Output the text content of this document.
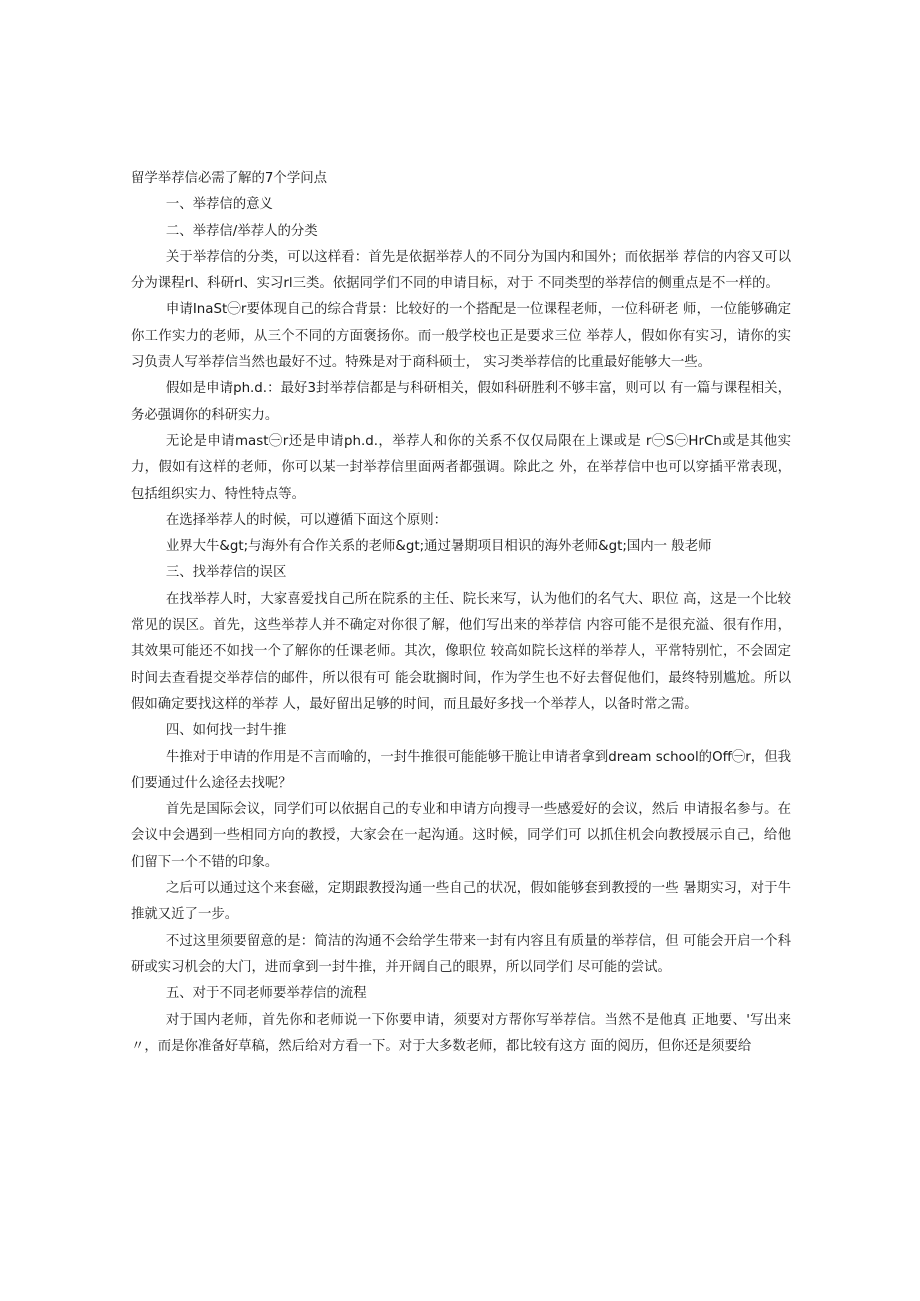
留学举荐信必需了解的7个学问点

一、举荐信的意义

二、举荐信/举荐人的分类

关于举荐信的分类，可以这样看：首先是依据举荐人的不同分为国内和国外；而依据举 荐信的内容又可以分为课程rl、科研rl、实习rl三类。依据同学们不同的申请目标，对于 不同类型的举荐信的侧重点是不一样的。

申请InaSt㊀r要体现自己的综合背景：比较好的一个搭配是一位课程老师，一位科研老 师，一位能够确定你工作实力的老师，从三个不同的方面褒扬你。而一般学校也正是要求三位 举荐人，假如你有实习，请你的实习负责人写举荐信当然也最好不过。特殊是对于商科硕士， 实习类举荐信的比重最好能够大一些。

假如是申请ph.d.：最好3封举荐信都是与科研相关，假如科研胜利不够丰富，则可以 有一篇与课程相关，务必强调你的科研实力。

无论是申请mast㊀r还是申请ph.d.，举荐人和你的关系不仅仅局限在上课或是 r㊀S㊀HrCh或是其他实力，假如有这样的老师，你可以某一封举荐信里面两者都强调。除此之 外，在举荐信中也可以穿插平常表现，包括组织实力、特性特点等。

在选择举荐人的时候，可以遵循下面这个原则：

业界大牛&gt;与海外有合作关系的老师&gt;通过暑期项目相识的海外老师&gt;国内一 般老师

三、找举荐信的误区

在找举荐人时，大家喜爱找自己所在院系的主任、院长来写，认为他们的名气大、职位 高，这是一个比较常见的误区。首先，这些举荐人并不确定对你很了解，他们写出来的举荐信 内容可能不是很充溢、很有作用，其效果可能还不如找一个了解你的任课老师。其次，像职位 较高如院长这样的举荐人，平常特别忙，不会固定时间去查看提交举荐信的邮件，所以很有可 能会耽搁时间，作为学生也不好去督促他们，最终特别尴尬。所以假如确定要找这样的举荐 人，最好留出足够的时间，而且最好多找一个举荐人，以备时常之需。

四、如何找一封牛推

牛推对于申请的作用是不言而喻的，一封牛推很可能能够干脆让申请者拿到dream school的Off㊀r，但我们要通过什么途径去找呢？

首先是国际会议，同学们可以依据自己的专业和申请方向搜寻一些感爱好的会议，然后 申请报名参与。在会议中会遇到一些相同方向的教授，大家会在一起沟通。这时候，同学们可 以抓住机会向教授展示自己，给他们留下一个不错的印象。

之后可以通过这个来套磁，定期跟教授沟通一些自己的状况，假如能够套到教授的一些 暑期实习，对于牛推就又近了一步。

不过这里须要留意的是：简洁的沟通不会给学生带来一封有内容且有质量的举荐信，但 可能会开启一个科研或实习机会的大门，进而拿到一封牛推，并开阔自己的眼界，所以同学们 尽可能的尝试。

五、对于不同老师要举荐信的流程

对于国内老师，首先你和老师说一下你要申请，须要对方帮你写举荐信。当然不是他真 正地要、'写出来〃，而是你准备好草稿，然后给对方看一下。对于大多数老师，都比较有这方 面的阅历，但你还是须要给
